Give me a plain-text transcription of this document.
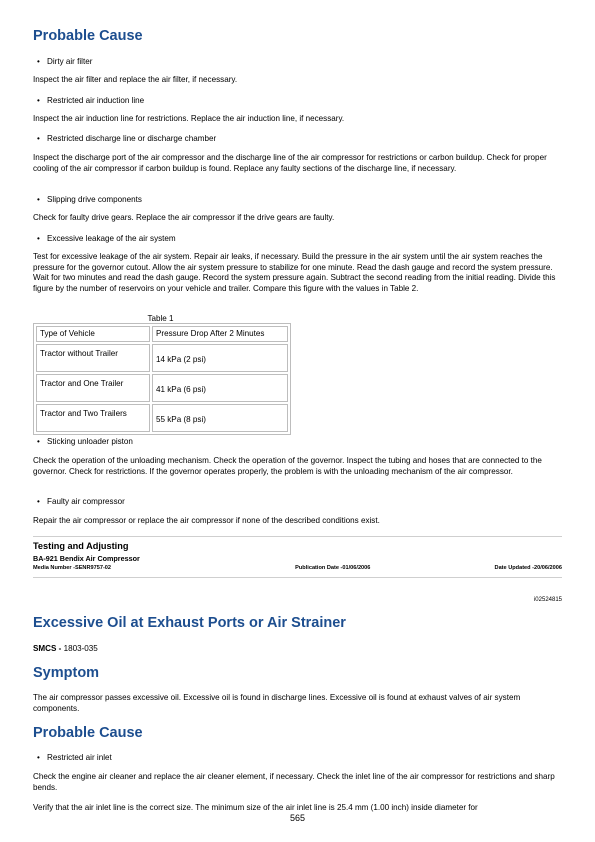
Probable Cause
• Dirty air filter
Inspect the air filter and replace the air filter, if necessary.
• Restricted air induction line
Inspect the air induction line for restrictions. Replace the air induction line, if necessary.
• Restricted discharge line or discharge chamber
Inspect the discharge port of the air compressor and the discharge line of the air compressor for restrictions or carbon buildup. Check for proper cooling of the air compressor if carbon buildup is found. Replace any faulty sections of the discharge line, if necessary.
• Slipping drive components
Check for faulty drive gears. Replace the air compressor if the drive gears are faulty.
• Excessive leakage of the air system
Test for excessive leakage of the air system. Repair air leaks, if necessary. Build the pressure in the air system until the air system reaches the pressure for the governor cutout. Allow the air system pressure to stabilize for one minute. Read the dash gauge and record the system pressure. Wait for two minutes and read the dash gauge. Record the system pressure again. Subtract the second reading from the initial reading. Divide this figure by the number of reservoirs on your vehicle and trailer. Compare this figure with the values in Table 2.
Table 1
Type of Vehicle	Pressure Drop After 2 Minutes
Tractor without Trailer	14 kPa (2 psi)
Tractor and One Trailer	41 kPa (6 psi)
Tractor and Two Trailers	55 kPa (8 psi)
• Sticking unloader piston
Check the operation of the unloading mechanism. Check the operation of the governor. Inspect the tubing and hoses that are connected to the governor. Check for restrictions. If the governor operates properly, the problem is with the unloading mechanism of the air compressor.
• Faulty air compressor
Repair the air compressor or replace the air compressor if none of the described conditions exist.
Testing and Adjusting
BA-921 Bendix Air Compressor
Media Number -SENR9757-02	Publication Date -01/06/2006	Date Updated -20/06/2006
i02524815
Excessive Oil at Exhaust Ports or Air Strainer
SMCS - 1803-035
Symptom
The air compressor passes excessive oil. Excessive oil is found in discharge lines. Excessive oil is found at exhaust valves of air system components.
Probable Cause
• Restricted air inlet
Check the engine air cleaner and replace the air cleaner element, if necessary. Check the inlet line of the air compressor for restrictions and sharp bends.
Verify that the air inlet line is the correct size. The minimum size of the air inlet line is 25.4 mm (1.00 inch) inside diameter for
565
